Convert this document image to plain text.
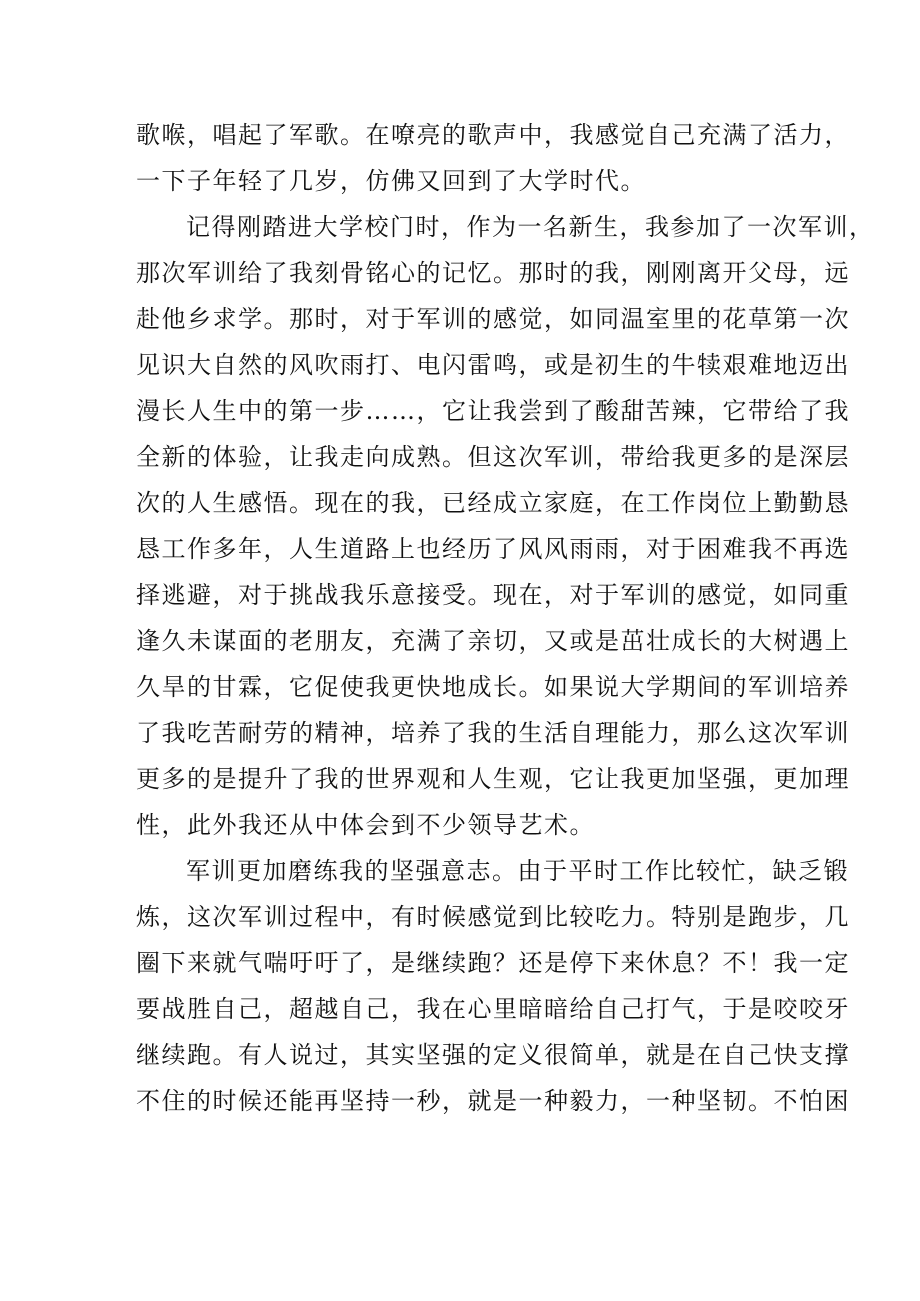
歌喉，唱起了军歌。在嘹亮的歌声中，我感觉自己充满了活力，
一下子年轻了几岁，仿佛又回到了大学时代。
记得刚踏进大学校门时，作为一名新生，我参加了一次军训，
那次军训给了我刻骨铭心的记忆。那时的我，刚刚离开父母，远
赴他乡求学。那时，对于军训的感觉，如同温室里的花草第一次
见识大自然的风吹雨打、电闪雷鸣，或是初生的牛犊艰难地迈出
漫长人生中的第一步……，它让我尝到了酸甜苦辣，它带给了我
全新的体验，让我走向成熟。但这次军训，带给我更多的是深层
次的人生感悟。现在的我，已经成立家庭，在工作岗位上勤勤恳
恳工作多年，人生道路上也经历了风风雨雨，对于困难我不再选
择逃避，对于挑战我乐意接受。现在，对于军训的感觉，如同重
逢久未谋面的老朋友，充满了亲切，又或是茁壮成长的大树遇上
久旱的甘霖，它促使我更快地成长。如果说大学期间的军训培养
了我吃苦耐劳的精神，培养了我的生活自理能力，那么这次军训
更多的是提升了我的世界观和人生观，它让我更加坚强，更加理
性，此外我还从中体会到不少领导艺术。
军训更加磨练我的坚强意志。由于平时工作比较忙，缺乏锻
炼，这次军训过程中，有时候感觉到比较吃力。特别是跑步，几
圈下来就气喘吁吁了，是继续跑？还是停下来休息？不！我一定
要战胜自己，超越自己，我在心里暗暗给自己打气，于是咬咬牙
继续跑。有人说过，其实坚强的定义很简单，就是在自己快支撑
不住的时候还能再坚持一秒，就是一种毅力，一种坚韧。不怕困
